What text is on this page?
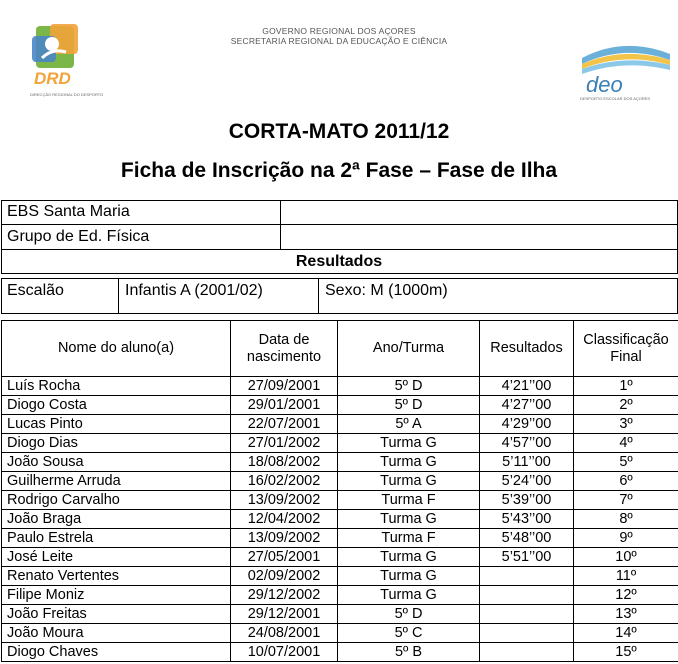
GOVERNO REGIONAL DOS AÇORES
SECRETARIA REGIONAL DA EDUCAÇÃO E CIÊNCIA
DRD
DIRECÇÃO REGIONAL DO DESPORTO	deo
DESPORTO ESCOLAR DOS AÇORES
CORTA-MATO 2011/12
Ficha de Inscrição na 2ª Fase – Fase de Ilha
EBS Santa Maria
Grupo de Ed. Física
Resultados
Escalão	Infantis A (2001/02)	Sexo: M (1000m)
Nome do aluno(a)	Data de nascimento	Ano/Turma	Resultados	Classificação Final
Luís Rocha	27/09/2001	5º D	4’21’’00	1º
Diogo Costa	29/01/2001	5º D	4’27’’00	2º
Lucas Pinto	22/07/2001	5º A	4’29’’00	3º
Diogo Dias	27/01/2002	Turma G	4’57’’00	4º
João Sousa	18/08/2002	Turma G	5’11’’00	5º
Guilherme Arruda	16/02/2002	Turma G	5’24’’00	6º
Rodrigo Carvalho	13/09/2002	Turma F	5’39’’00	7º
João Braga	12/04/2002	Turma G	5’43’’00	8º
Paulo Estrela	13/09/2002	Turma F	5’48’’00	9º
José Leite	27/05/2001	Turma G	5’51’’00	10º
Renato Vertentes	02/09/2002	Turma G		11º
Filipe Moniz	29/12/2002	Turma G		12º
João Freitas	29/12/2001	5º D		13º
João Moura	24/08/2001	5º C		14º
Diogo Chaves	10/07/2001	5º B		15º
